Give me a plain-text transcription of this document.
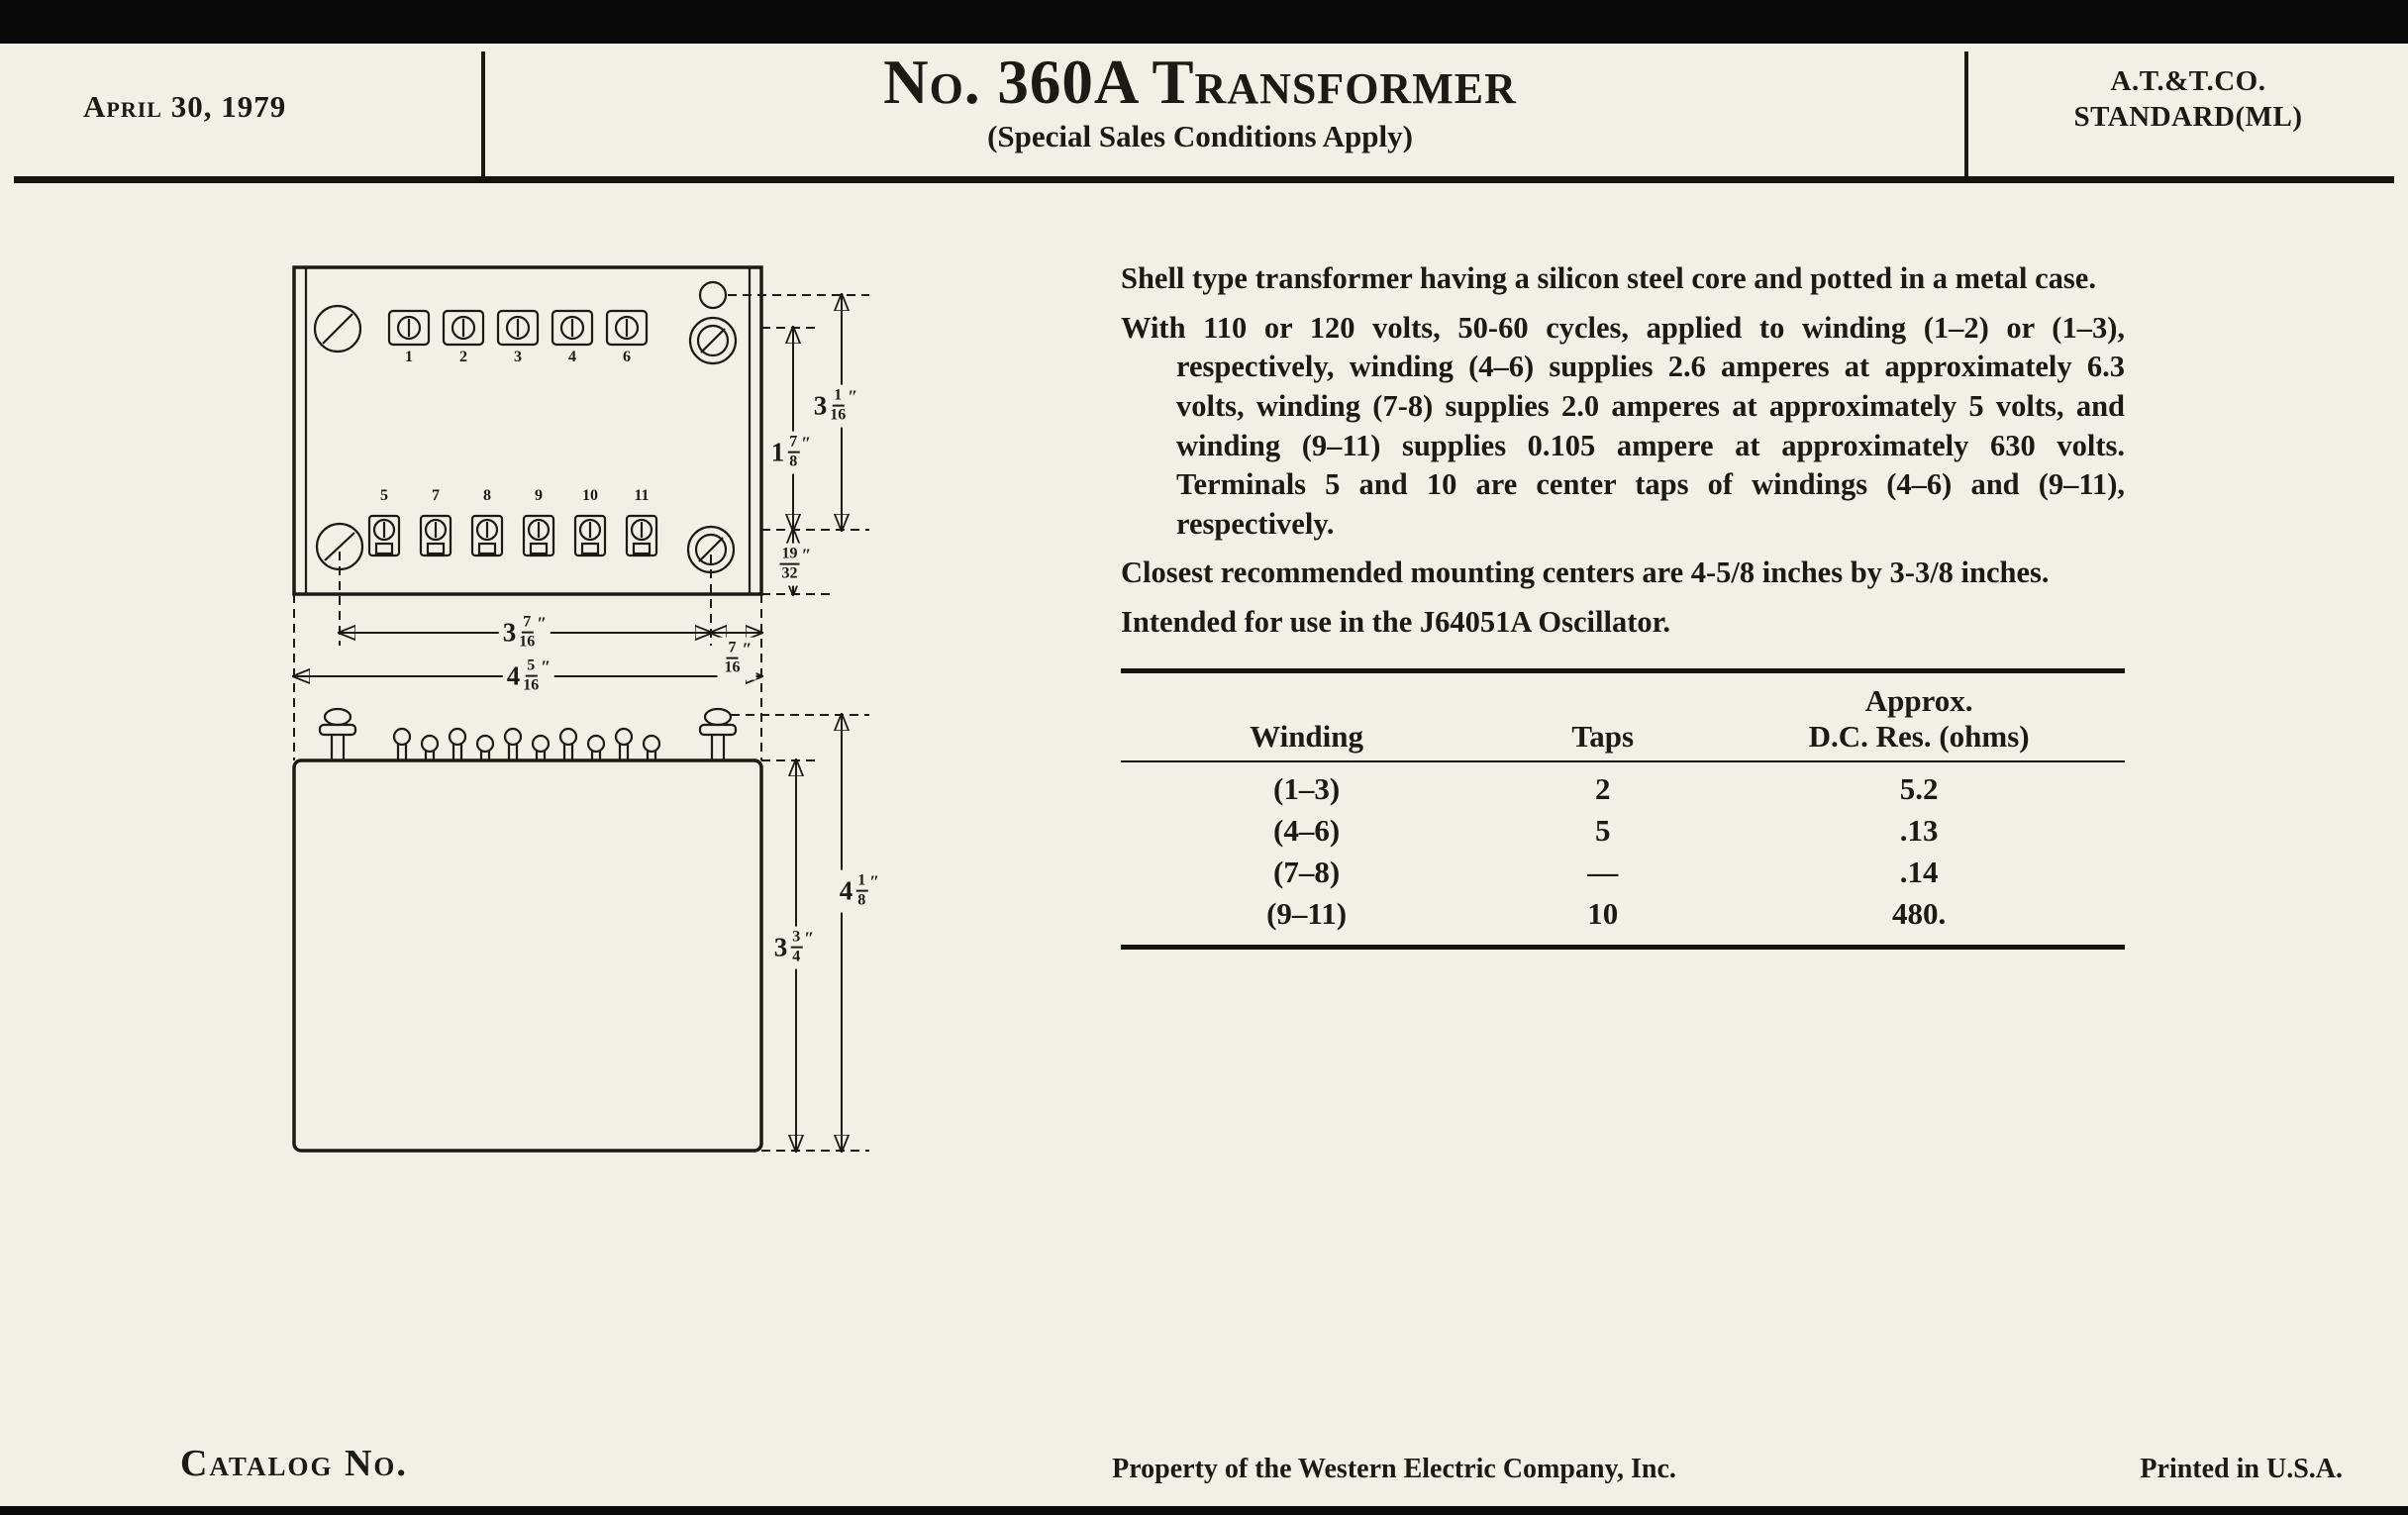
April 30, 1979	No. 360A Transformer
(Special Sales Conditions Apply)
A.T.&T.CO.
STANDARD(ML)
1	2	3	4	6
5	7	8	9	10 11
$3 \frac{1}{16}$ ″
$1 \frac{7}{8}$ ″
$\frac{19}{32}$ ″
$3 \frac{7}{16}$ ″
$\frac{7}{16}$ ″
$4 \frac{5}{16}$ ″
$4 \frac{1}{8}$ ″
$3 \frac{3}{4}$ ″

Shell type transformer having a silicon steel core and potted in a metal case.

With 110 or 120 volts, 50-60 cycles, applied to winding (1–2) or (1–3), respectively, winding (4–6) supplies 2.6 amperes at approximately 6.3 volts, winding (7-8) supplies 2.0 amperes at approximately 5 volts, and winding (9–11) supplies 0.105 ampere at approximately 630 volts. Terminals 5 and 10 are center taps of windings (4–6) and (9–11), respectively.

Closest recommended mounting centers are 4-5/8 inches by 3-3/8 inches.

Intended for use in the J64051A Oscillator.

Winding	Taps
Approx.
D.C. Res. (ohms)
(1–3)	2	5.2
(4–6)	5	.13
(7–8)	—	.14
(9–11)	10	480.
Catalog No.	Property of the Western Electric Company, Inc.	Printed in U.S.A.
